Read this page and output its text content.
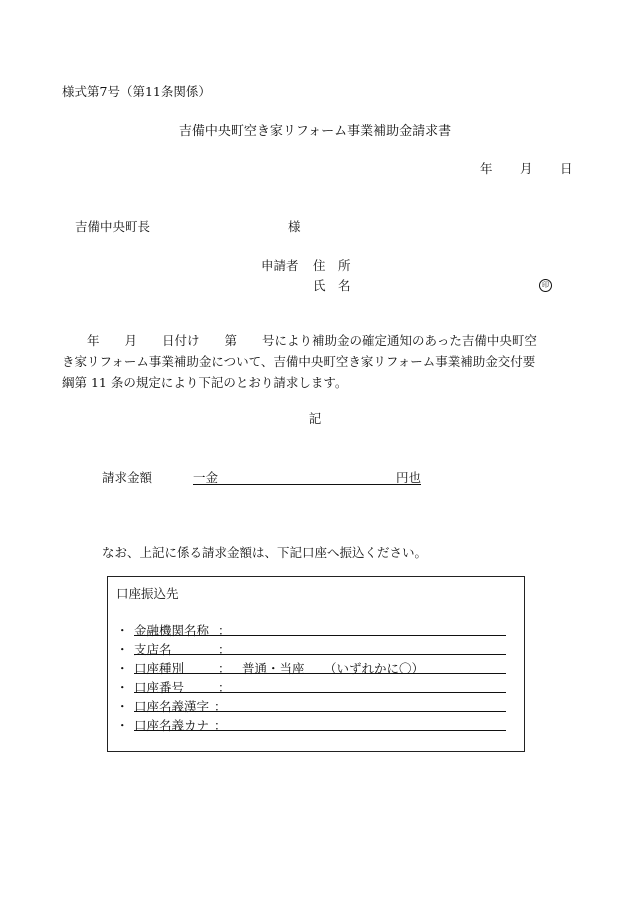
様式第7号（第11条関係）
吉備中央町空き家リフォーム事業補助金請求書
年 月 日
吉備中央町長	様
申請者 住　所
氏　名	印
　　年　　月　　日付け　　第　　号により補助金の確定通知のあった吉備中央町空
き家リフォーム事業補助金について、吉備中央町空き家リフォーム事業補助金交付要
綱第 11 条の規定により下記のとおり請求します。
記
請求金額	一金	円也
なお、上記に係る請求金額は、下記口座へ振込ください。
口座振込先
・ 金融機関名称 ：
・ 支店名	：
・ 口座種別	： 普通・当座 （いずれかに〇）
・ 口座番号	：
・ 口座名義漢字 ：
・ 口座名義カナ ：
